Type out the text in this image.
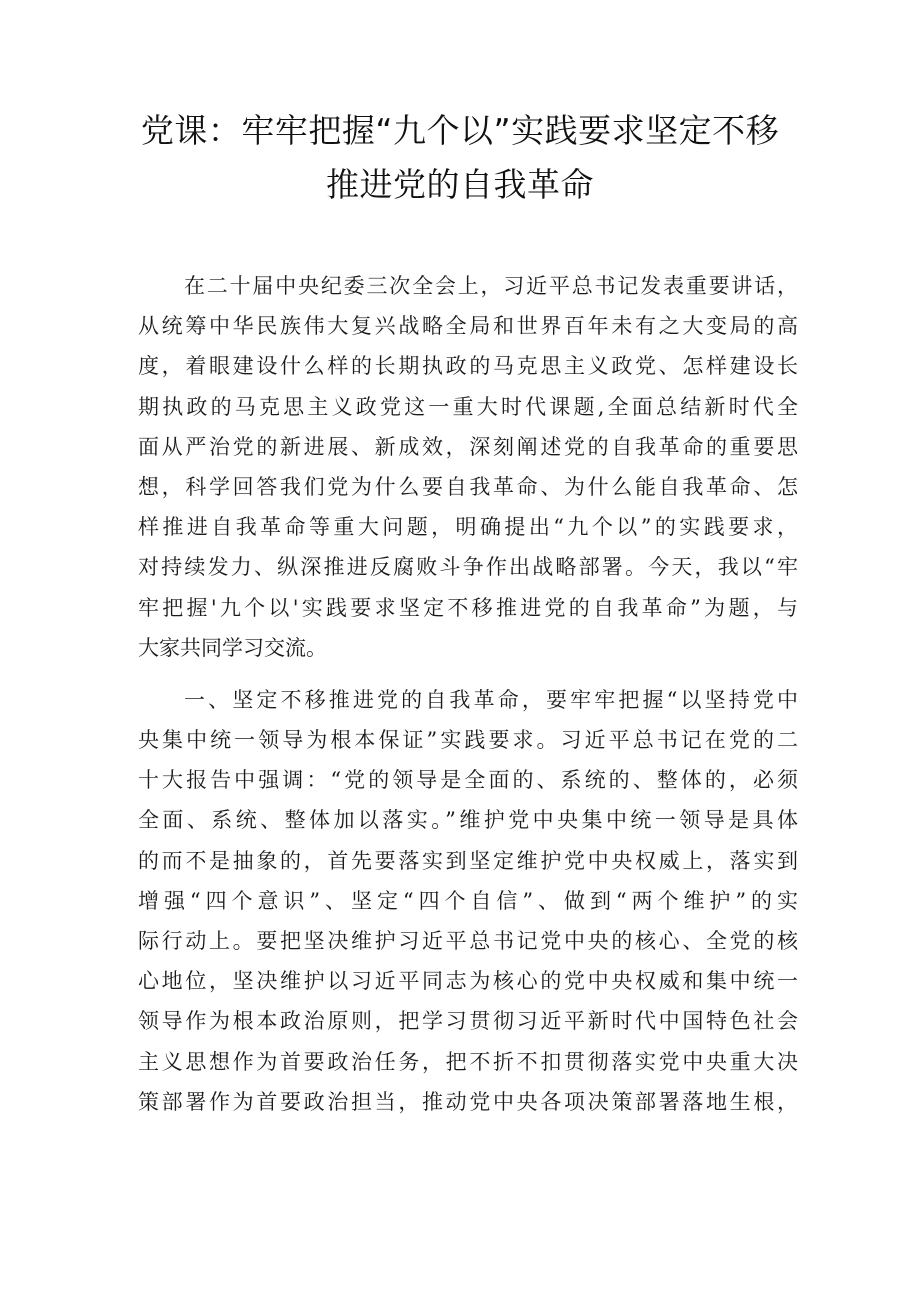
党课：牢牢把握“九个以”实践要求坚定不移
推进党的自我革命
在二十届中央纪委三次全会上，习近平总书记发表重要讲话，
从统筹中华民族伟大复兴战略全局和世界百年未有之大变局的高
度，着眼建设什么样的长期执政的马克思主义政党、怎样建设长
期执政的马克思主义政党这一重大时代课题,全面总结新时代全
面从严治党的新进展、新成效，深刻阐述党的自我革命的重要思
想，科学回答我们党为什么要自我革命、为什么能自我革命、怎
样推进自我革命等重大问题，明确提出“九个以”的实践要求，
对持续发力、纵深推进反腐败斗争作出战略部署。今天，我以“牢
牢把握'九个以'实践要求坚定不移推进党的自我革命”为题，与
大家共同学习交流。
一、坚定不移推进党的自我革命，要牢牢把握“以坚持党中
央集中统一领导为根本保证”实践要求。习近平总书记在党的二
十大报告中强调：“党的领导是全面的、系统的、整体的，必须
全面、系统、整体加以落实。”维护党中央集中统一领导是具体
的而不是抽象的，首先要落实到坚定维护党中央权威上，落实到
增强“四个意识”、坚定“四个自信”、做到“两个维护”的实
际行动上。要把坚决维护习近平总书记党中央的核心、全党的核
心地位，坚决维护以习近平同志为核心的党中央权威和集中统一
领导作为根本政治原则，把学习贯彻习近平新时代中国特色社会
主义思想作为首要政治任务，把不折不扣贯彻落实党中央重大决
策部署作为首要政治担当，推动党中央各项决策部署落地生根，
